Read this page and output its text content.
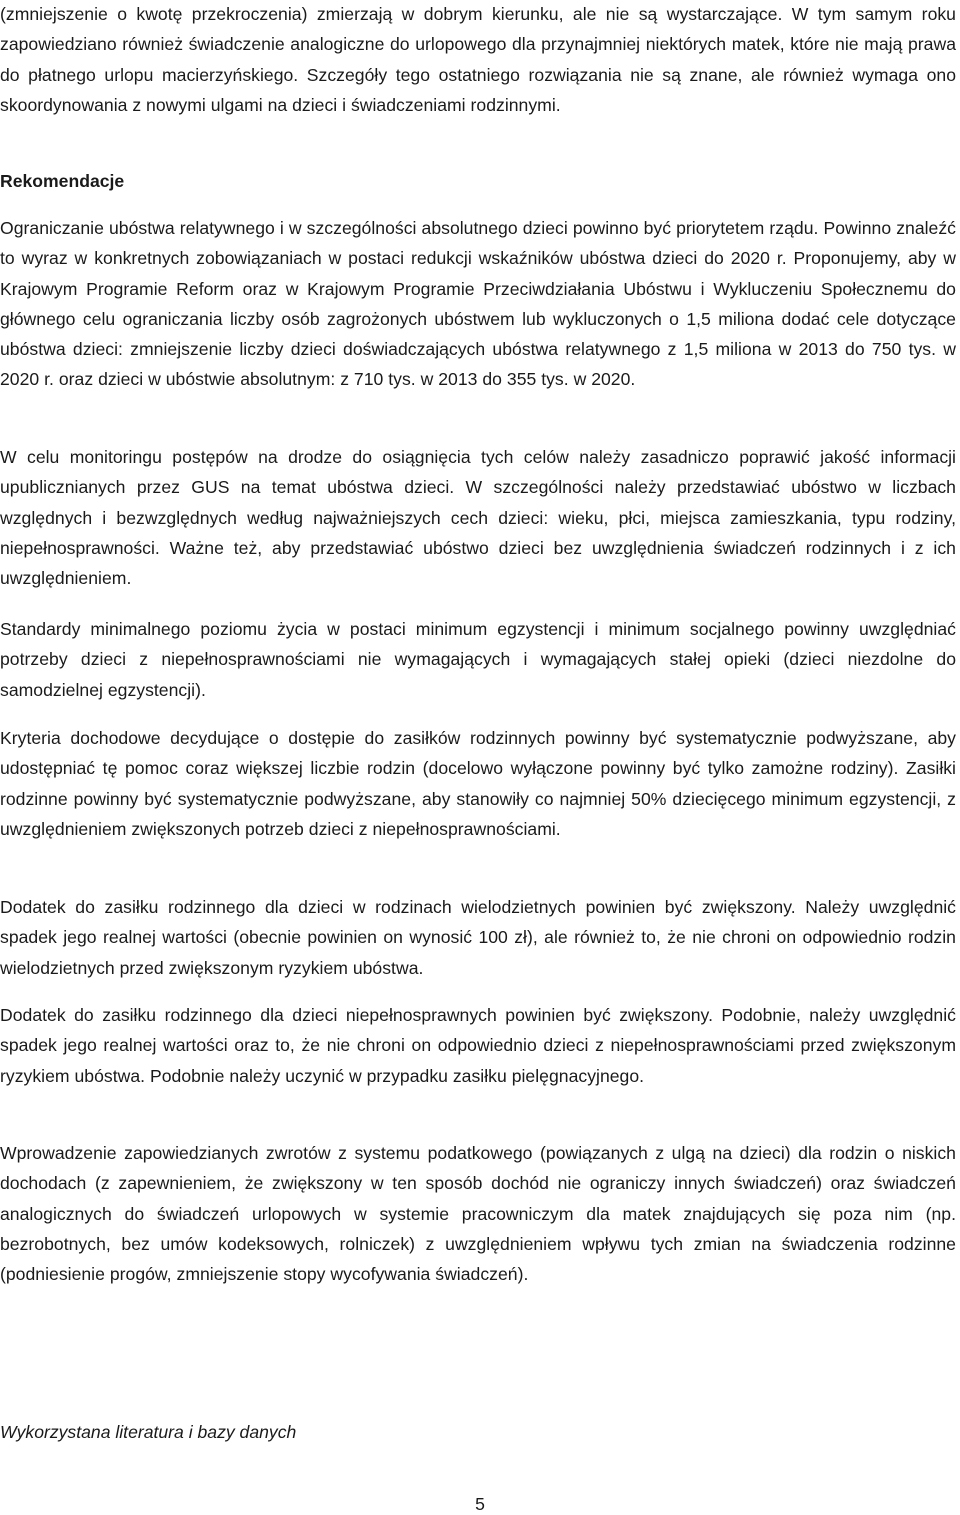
(zmniejszenie o kwotę przekroczenia) zmierzają w dobrym kierunku, ale nie są wystarczające. W tym samym roku zapowiedziano również świadczenie analogiczne do urlopowego dla przynajmniej niektórych matek, które nie mają prawa do płatnego urlopu macierzyńskiego. Szczegóły tego ostatniego rozwiązania nie są znane, ale również wymaga ono skoordynowania z nowymi ulgami na dzieci i świadczeniami rodzinnymi.

Rekomendacje

Ograniczanie ubóstwa relatywnego i w szczególności absolutnego dzieci powinno być priorytetem rządu. Powinno znaleźć to wyraz w konkretnych zobowiązaniach w postaci redukcji wskaźników ubóstwa dzieci do 2020 r. Proponujemy, aby w Krajowym Programie Reform oraz w Krajowym Programie Przeciwdziałania Ubóstwu i Wykluczeniu Społecznemu do głównego celu ograniczania liczby osób zagrożonych ubóstwem lub wykluczonych o 1,5 miliona dodać cele dotyczące ubóstwa dzieci: zmniejszenie liczby dzieci doświadczających ubóstwa relatywnego z 1,5 miliona w 2013 do 750 tys. w 2020 r. oraz dzieci w ubóstwie absolutnym: z 710 tys. w 2013 do 355 tys. w 2020.

W celu monitoringu postępów na drodze do osiągnięcia tych celów należy zasadniczo poprawić jakość informacji upublicznianych przez GUS na temat ubóstwa dzieci. W szczególności należy przedstawiać ubóstwo w liczbach względnych i bezwzględnych według najważniejszych cech dzieci: wieku, płci, miejsca zamieszkania, typu rodziny, niepełnosprawności. Ważne też, aby przedstawiać ubóstwo dzieci bez uwzględnienia świadczeń rodzinnych i z ich uwzględnieniem.

Standardy minimalnego poziomu życia w postaci minimum egzystencji i minimum socjalnego powinny uwzględniać potrzeby dzieci z niepełnosprawnościami nie wymagających i wymagających stałej opieki (dzieci niezdolne do samodzielnej egzystencji).

Kryteria dochodowe decydujące o dostępie do zasiłków rodzinnych powinny być systematycznie podwyższane, aby udostępniać tę pomoc coraz większej liczbie rodzin (docelowo wyłączone powinny być tylko zamożne rodziny). Zasiłki rodzinne powinny być systematycznie podwyższane, aby stanowiły co najmniej 50% dziecięcego minimum egzystencji, z uwzględnieniem zwiększonych potrzeb dzieci z niepełnosprawnościami.

Dodatek do zasiłku rodzinnego dla dzieci w rodzinach wielodzietnych powinien być zwiększony. Należy uwzględnić spadek jego realnej wartości (obecnie powinien on wynosić 100 zł), ale również to, że nie chroni on odpowiednio rodzin wielodzietnych przed zwiększonym ryzykiem ubóstwa.

Dodatek do zasiłku rodzinnego dla dzieci niepełnosprawnych powinien być zwiększony. Podobnie, należy uwzględnić spadek jego realnej wartości oraz to, że nie chroni on odpowiednio dzieci z niepełnosprawnościami przed zwiększonym ryzykiem ubóstwa. Podobnie należy uczynić w przypadku zasiłku pielęgnacyjnego.

Wprowadzenie zapowiedzianych zwrotów z systemu podatkowego (powiązanych z ulgą na dzieci) dla rodzin o niskich dochodach (z zapewnieniem, że zwiększony w ten sposób dochód nie ograniczy innych świadczeń) oraz świadczeń analogicznych do świadczeń urlopowych w systemie pracowniczym dla matek znajdujących się poza nim (np. bezrobotnych, bez umów kodeksowych, rolniczek) z uwzględnieniem wpływu tych zmian na świadczenia rodzinne (podniesienie progów, zmniejszenie stopy wycofywania świadczeń).

Wykorzystana literatura i bazy danych

5
